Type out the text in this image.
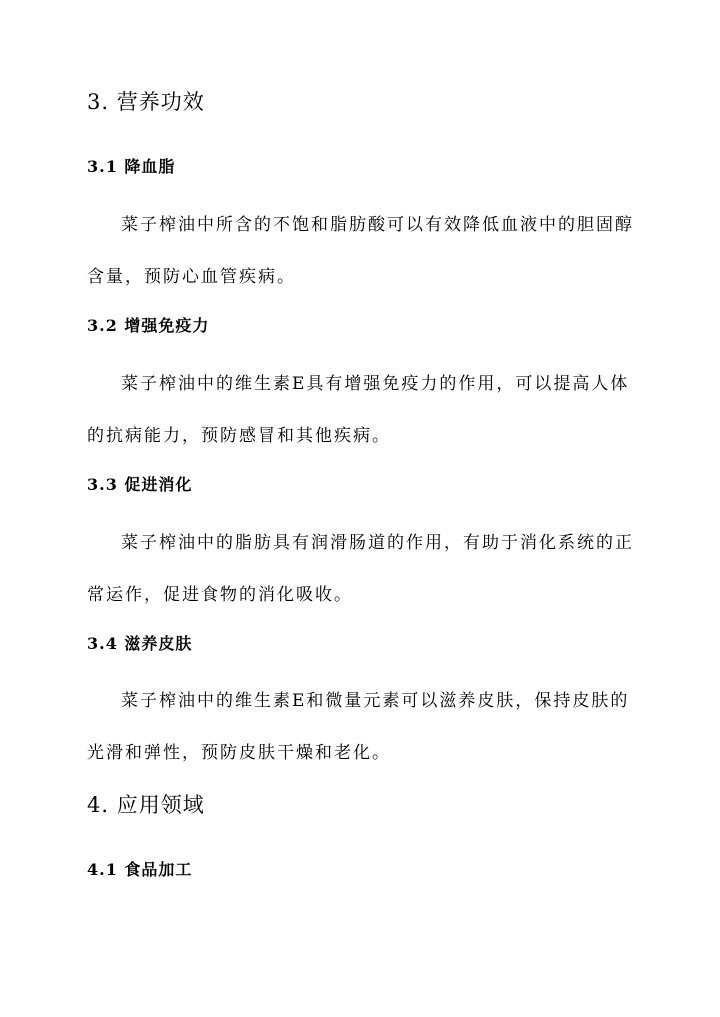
3. 营养功效
3.1 降血脂

菜子榨油中所含的不饱和脂肪酸可以有效降低血液中的胆固醇含量，预防心血管疾病。

3.2 增强免疫力

菜子榨油中的维生素E具有增强免疫力的作用，可以提高人体的抗病能力，预防感冒和其他疾病。

3.3 促进消化

菜子榨油中的脂肪具有润滑肠道的作用，有助于消化系统的正常运作，促进食物的消化吸收。

3.4 滋养皮肤

菜子榨油中的维生素E和微量元素可以滋养皮肤，保持皮肤的光滑和弹性，预防皮肤干燥和老化。

4. 应用领域
4.1 食品加工
